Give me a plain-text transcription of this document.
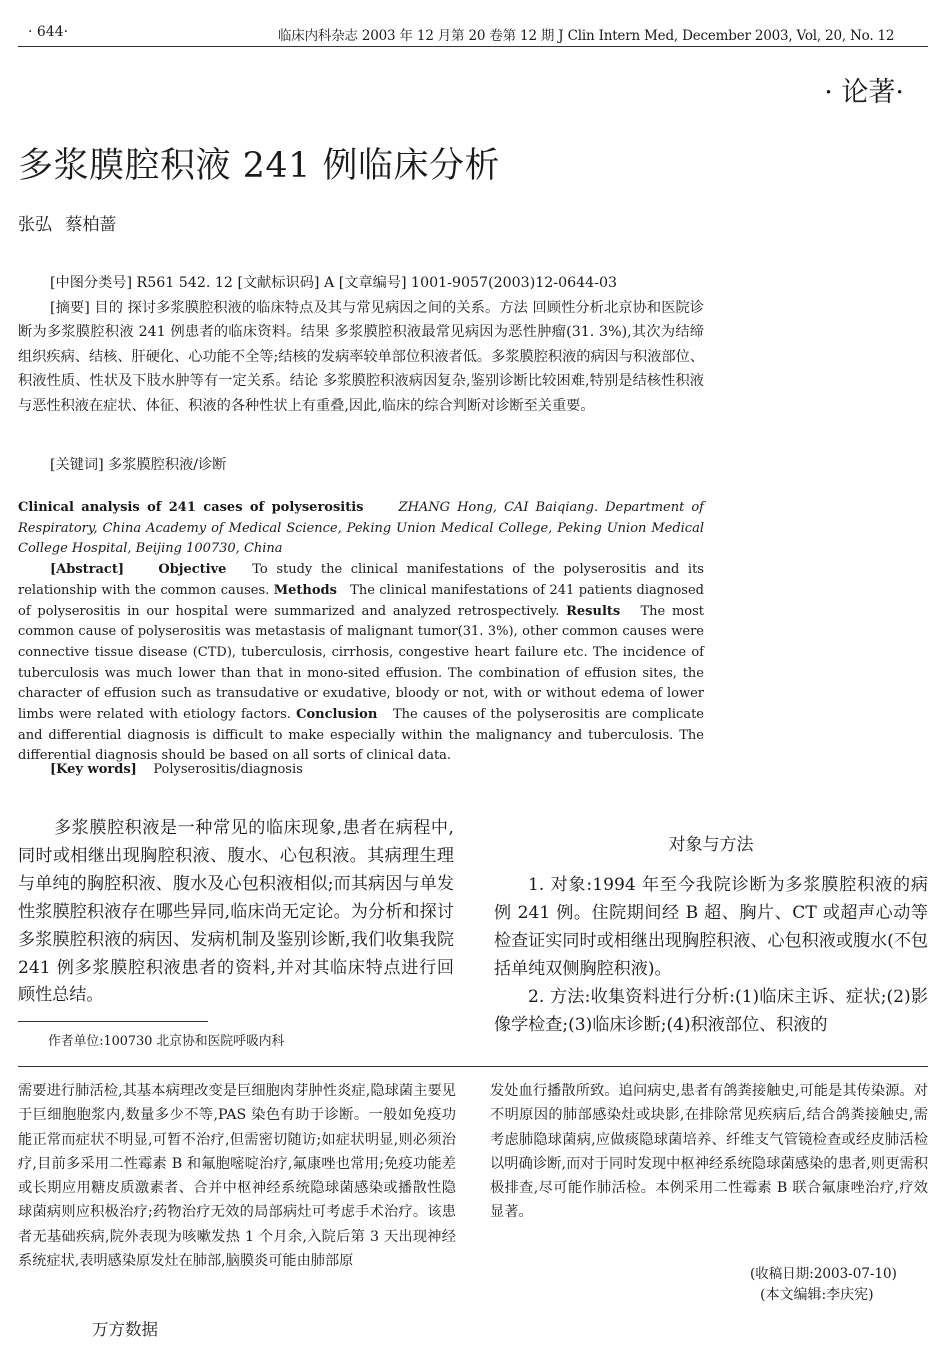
· 644·	临床内科杂志 2003 年 12 月第 20 卷第 12 期 J Clin Intern Med, December 2003, Vol, 20, No. 12
· 论著·
多浆膜腔积液 241 例临床分析
张弘 蔡柏蔷
[中图分类号] R561 542. 12 [文献标识码] A [文章编号] 1001-9057(2003)12-0644-03
[摘要] 目的 探讨多浆膜腔积液的临床特点及其与常见病因之间的关系。方法 回顾性分析北京协和医院诊断为多浆膜腔积液 241 例患者的临床资料。结果 多浆膜腔积液最常见病因为恶性肿瘤(31. 3%),其次为结缔组织疾病、结核、肝硬化、心功能不全等;结核的发病率较单部位积液者低。多浆膜腔积液的病因与积液部位、积液性质、性状及下肢水肿等有一定关系。结论 多浆膜腔积液病因复杂,鉴别诊断比较困难,特别是结核性积液与恶性积液在症状、体征、积液的各种性状上有重叠,因此,临床的综合判断对诊断至关重要。
[关键词] 多浆膜腔积液/诊断

Clinical analysis of 241 cases of polyserositis	ZHANG Hong, CAI Baiqiang. Department of Respiratory, China Academy of Medical Science, Peking Union Medical College, Peking Union Medical College Hospital, Beijing 100730, China

[Abstract]	Objective To study the clinical manifestations of the polyserositis and its relationship with the common causes. Methods The clinical manifestations of 241 patients diagnosed of polyserositis in our hospital were summarized and analyzed retrospectively. Results The most common cause of polyserositis was metastasis of malignant tumor(31. 3%), other common causes were connective tissue disease (CTD), tuberculosis, cirrhosis, congestive heart failure etc. The incidence of tuberculosis was much lower than that in mono-sited effusion. The combination of effusion sites, the character of effusion such as transudative or exudative, bloody or not, with or without edema of lower limbs were related with etiology factors. Conclusion The causes of the polyserositis are complicate and differential diagnosis is difficult to make especially within the malignancy and tuberculosis. The differential diagnosis should be based on all sorts of clinical data.

[Key words] Polyserositis/diagnosis
多浆膜腔积液是一种常见的临床现象,患者在病程中,同时或相继出现胸腔积液、腹水、心包积液。其病理生理与单纯的胸腔积液、腹水及心包积液相似;而其病因与单发性浆膜腔积液存在哪些异同,临床尚无定论。为分析和探讨多浆膜腔积液的病因、发病机制及鉴别诊断,我们收集我院 241 例多浆膜腔积液患者的资料,并对其临床特点进行回顾性总结。
作者单位:100730 北京协和医院呼吸内科
对象与方法

1. 对象:1994 年至今我院诊断为多浆膜腔积液的病例 241 例。住院期间经 B 超、胸片、CT 或超声心动等检查证实同时或相继出现胸腔积液、心包积液或腹水(不包括单纯双侧胸腔积液)。

2. 方法:收集资料进行分析:(1)临床主诉、症状;(2)影像学检查;(3)临床诊断;(4)积液部位、积液的

需要进行肺活检,其基本病理改变是巨细胞肉芽肿性炎症,隐球菌主要见于巨细胞胞浆内,数量多少不等,PAS 染色有助于诊断。一般如免疫功能正常而症状不明显,可暂不治疗,但需密切随访;如症状明显,则必须治疗,目前多采用二性霉素 B 和氟胞嘧啶治疗,氟康唑也常用;免疫功能差或长期应用糖皮质激素者、合并中枢神经系统隐球菌感染或播散性隐球菌病则应积极治疗;药物治疗无效的局部病灶可考虑手术治疗。该患者无基础疾病,院外表现为咳嗽发热 1 个月余,入院后第 3 天出现神经系统症状,表明感染原发灶在肺部,脑膜炎可能由肺部原
发处血行播散所致。追问病史,患者有鸽粪接触史,可能是其传染源。对不明原因的肺部感染灶或块影,在排除常见疾病后,结合鸽粪接触史,需考虑肺隐球菌病,应做痰隐球菌培养、纤维支气管镜检查或经皮肺活检以明确诊断,而对于同时发现中枢神经系统隐球菌感染的患者,则更需积极排查,尽可能作肺活检。本例采用二性霉素 B 联合氟康唑治疗,疗效显著。
(收稿日期:2003-07-10)
(本文编辑:李庆宪)
万方数据
